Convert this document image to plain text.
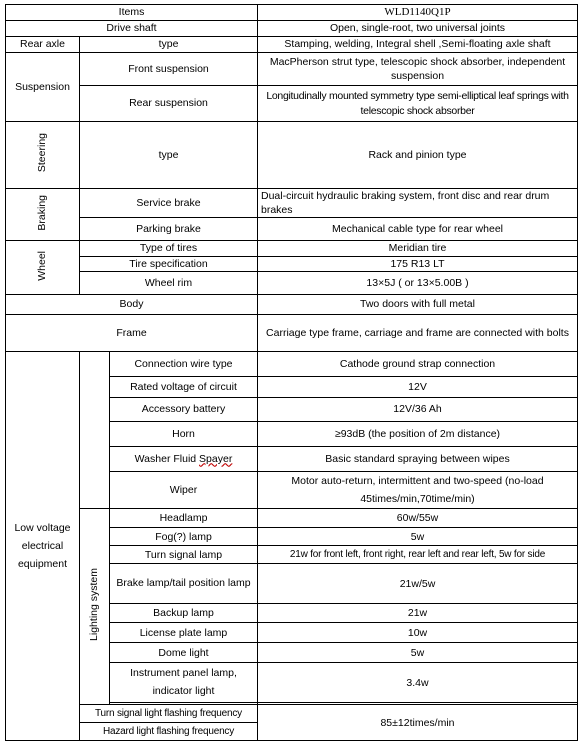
Items			WLD1140Q1P
Drive shaft			Open, single-root, two universal joints
Rear axle	type		Stamping, welding, Integral shell ,Semi-floating axle shaft
Suspension	Front suspension		MacPherson strut type, telescopic shock absorber, independent suspension
	Rear suspension		Longitudinally mounted symmetry type semi-elliptical leaf springs with telescopic shock absorber
Steering	type		Rack and pinion type
Braking	Service brake		Dual-circuit hydraulic braking system, front disc and rear drum brakes
	Parking brake		Mechanical cable type for rear wheel
Wheel	Type of tires		Meridian tire
	Tire specification		175 R13 LT
	Wheel rim		13×5J ( or 13×5.00B )
Body			Two doors with full metal
Frame			Carriage type frame, carriage and frame are connected with bolts
Low voltage electrical equipment		Connection wire type	Cathode ground strap connection
		Rated voltage of circuit	12V
		Accessory battery	12V/36 Ah
		Horn	≥93dB (the position of 2m distance)
		Washer Fluid Spayer	Basic standard spraying between wipes
		Wiper	Motor auto-return, intermittent and two-speed (no-load 45times/min,70time/min)
	Lighting system	Headlamp	60w/55w
		Fog(?) lamp	5w
		Turn signal lamp	21w for front left, front right, rear left and rear left, 5w for side
		Brake lamp/tail position lamp	21w/5w
		Backup lamp	21w
		License plate lamp	10w
		Dome light	5w
		Instrument panel lamp, indicator light	3.4w

	Turn signal light flashing frequency		85±12times/min
	Hazard light flashing frequency		
